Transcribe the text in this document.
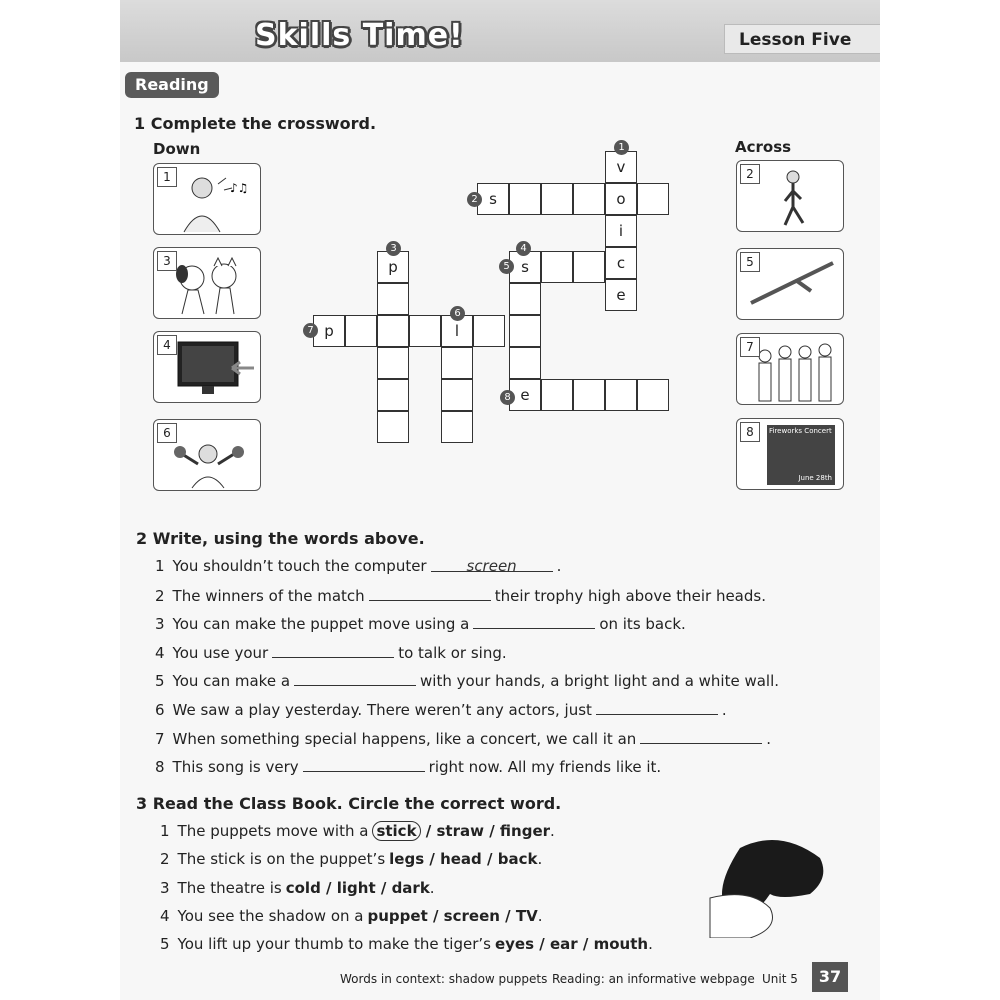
Skills Time!	Lesson Five
Reading
1 Complete the crossword.
Down	Across
1
♪♫
3
4
6
2
5
7
8	Fireworks Concert
June 28th
v
o
i
c
e
s
s
p
e
p	l
1
2
3	4
5
6
7
8
2 Write, using the words above.
1 You shouldn’t touch the computer	screen	.
2 The winners of the match	their trophy high above their heads.
3 You can make the puppet move using a	on its back.
4 You use your	to talk or sing.
5 You can make a	with your hands, a bright light and a white wall.
6 We saw a play yesterday. There weren’t any actors, just	.
7 When something special happens, like a concert, we call it an	.
8 This song is very	right now. All my friends like it.
3 Read the Class Book. Circle the correct word.
1 The puppets move with a stick / straw / finger.
2 The stick is on the puppet’s legs / head / back.
3 The theatre is cold / light / dark.
4 You see the shadow on a puppet / screen / TV.
5 You lift up your thumb to make the tiger’s eyes / ear / mouth.
Words in context: shadow puppets Reading: an informative webpage Unit 5	37
